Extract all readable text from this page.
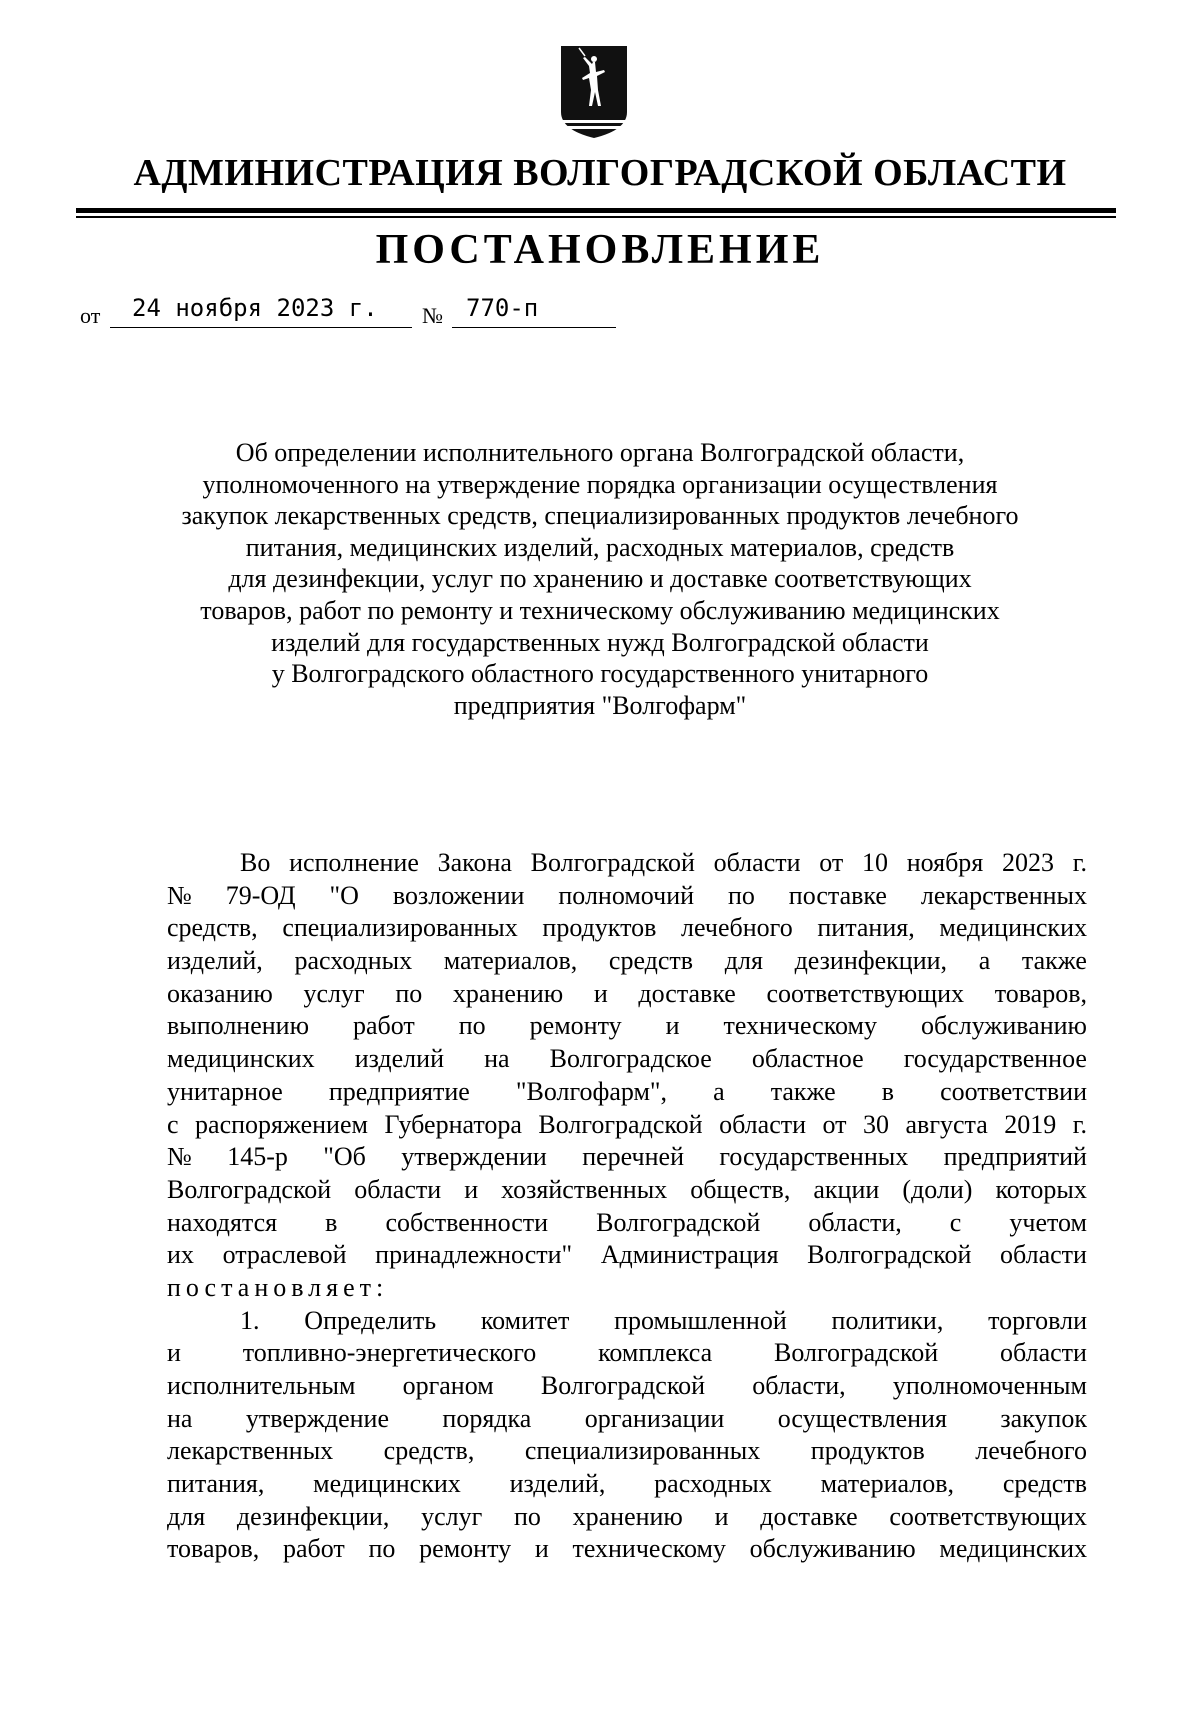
АДМИНИСТРАЦИЯ ВОЛГОГРАДСКОЙ ОБЛАСТИ
ПОСТАНОВЛЕНИЕ
от 24 ноября 2023 г. № 770-п
Об определении исполнительного органа Волгоградской области,
уполномоченного на утверждение порядка организации осуществления
закупок лекарственных средств, специализированных продуктов лечебного
питания, медицинских изделий, расходных материалов, средств
для дезинфекции, услуг по хранению и доставке соответствующих
товаров, работ по ремонту и техническому обслуживанию медицинских
изделий для государственных нужд Волгоградской области
у Волгоградского областного государственного унитарного
предприятия "Волгофарм"
Во исполнение Закона Волгоградской области от 10 ноября 2023 г.
№ 79-ОД "О возложении полномочий по поставке лекарственных
средств, специализированных продуктов лечебного питания, медицинских
изделий, расходных материалов, средств для дезинфекции, а также
оказанию услуг по хранению и доставке соответствующих товаров,
выполнению работ по ремонту и техническому обслуживанию
медицинских изделий на Волгоградское областное государственное
унитарное предприятие "Волгофарм", а также в соответствии
с распоряжением Губернатора Волгоградской области от 30 августа 2019 г.
№ 145-р "Об утверждении перечней государственных предприятий
Волгоградской области и хозяйственных обществ, акции (доли) которых
находятся в собственности Волгоградской области, с учетом
их отраслевой принадлежности" Администрация Волгоградской области
постановляет:
1. Определить комитет промышленной политики, торговли
и топливно-энергетического комплекса Волгоградской области
исполнительным органом Волгоградской области, уполномоченным
на утверждение порядка организации осуществления закупок
лекарственных средств, специализированных продуктов лечебного
питания, медицинских изделий, расходных материалов, средств
для дезинфекции, услуг по хранению и доставке соответствующих
товаров, работ по ремонту и техническому обслуживанию медицинских
